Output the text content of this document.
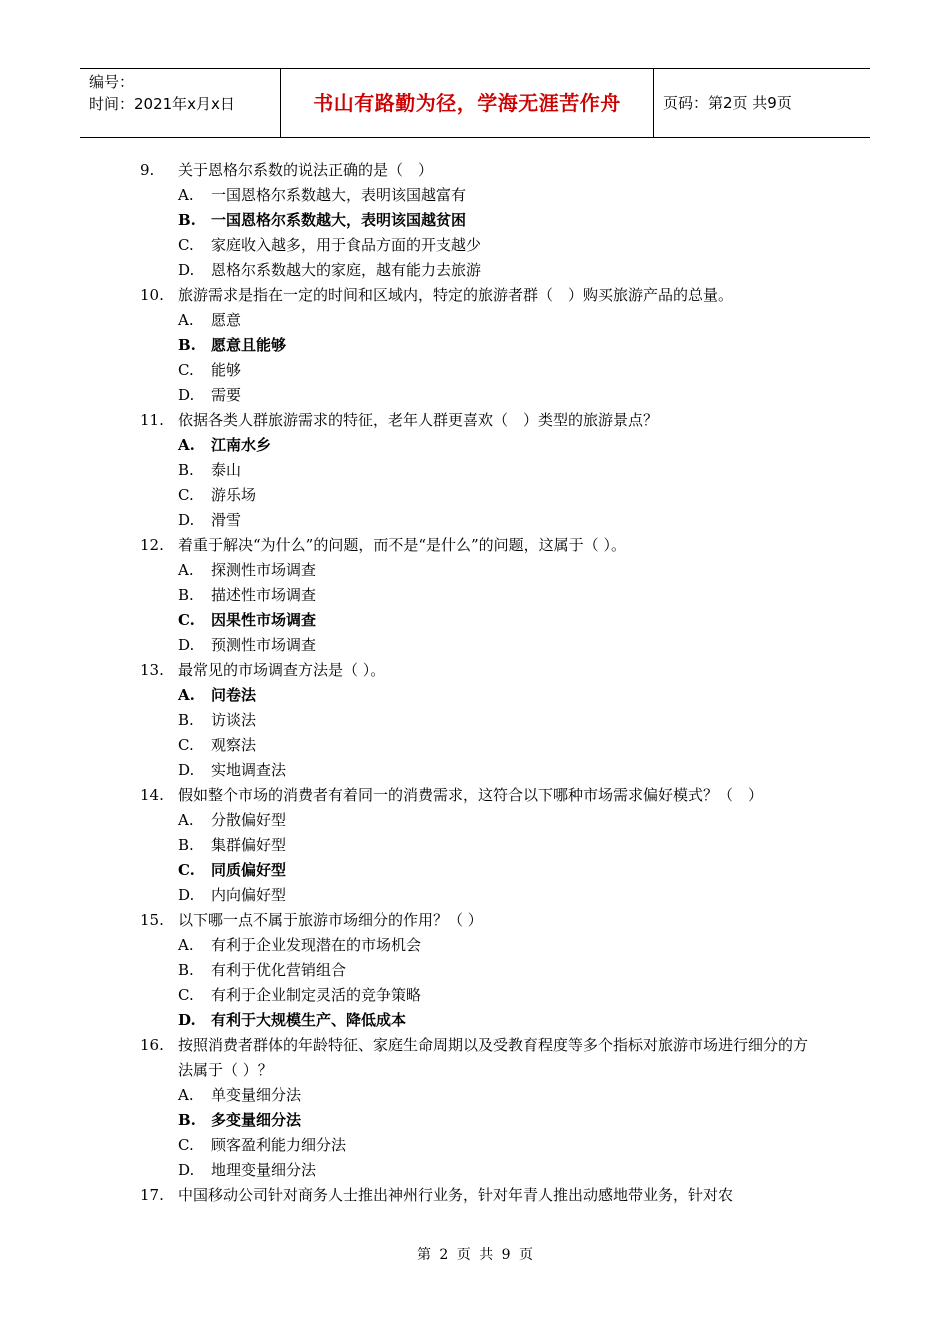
编号：
时间：2021年x月x日	书山有路勤为径，学海无涯苦作舟	页码：第2页 共9页
9.	关于恩格尔系数的说法正确的是（　）
A. 一国恩格尔系数越大，表明该国越富有
B. 一国恩格尔系数越大，表明该国越贫困
C. 家庭收入越多，用于食品方面的开支越少
D. 恩格尔系数越大的家庭，越有能力去旅游
10. 旅游需求是指在一定的时间和区域内，特定的旅游者群（　）购买旅游产品的总量。
A. 愿意
B. 愿意且能够
C. 能够
D. 需要
11. 依据各类人群旅游需求的特征，老年人群更喜欢（　）类型的旅游景点？
A. 江南水乡
B. 泰山
C. 游乐场
D. 滑雪
12. 着重于解决“为什么”的问题，而不是“是什么”的问题，这属于（ ）。
A. 探测性市场调查
B. 描述性市场调查
C. 因果性市场调查
D. 预测性市场调查
13. 最常见的市场调查方法是（ ）。
A. 问卷法
B. 访谈法
C. 观察法
D. 实地调查法
14. 假如整个市场的消费者有着同一的消费需求，这符合以下哪种市场需求偏好模式？（　）
A. 分散偏好型
B. 集群偏好型
C. 同质偏好型
D. 内向偏好型
15. 以下哪一点不属于旅游市场细分的作用？（ ）
A. 有利于企业发现潜在的市场机会
B. 有利于优化营销组合
C. 有利于企业制定灵活的竞争策略
D. 有利于大规模生产、降低成本
16. 按照消费者群体的年龄特征、家庭生命周期以及受教育程度等多个指标对旅游市场进行细分的方法属于（ ）？
A. 单变量细分法
B. 多变量细分法
C. 顾客盈利能力细分法
D. 地理变量细分法
17. 中国移动公司针对商务人士推出神州行业务，针对年青人推出动感地带业务，针对农
第 2 页 共 9 页
